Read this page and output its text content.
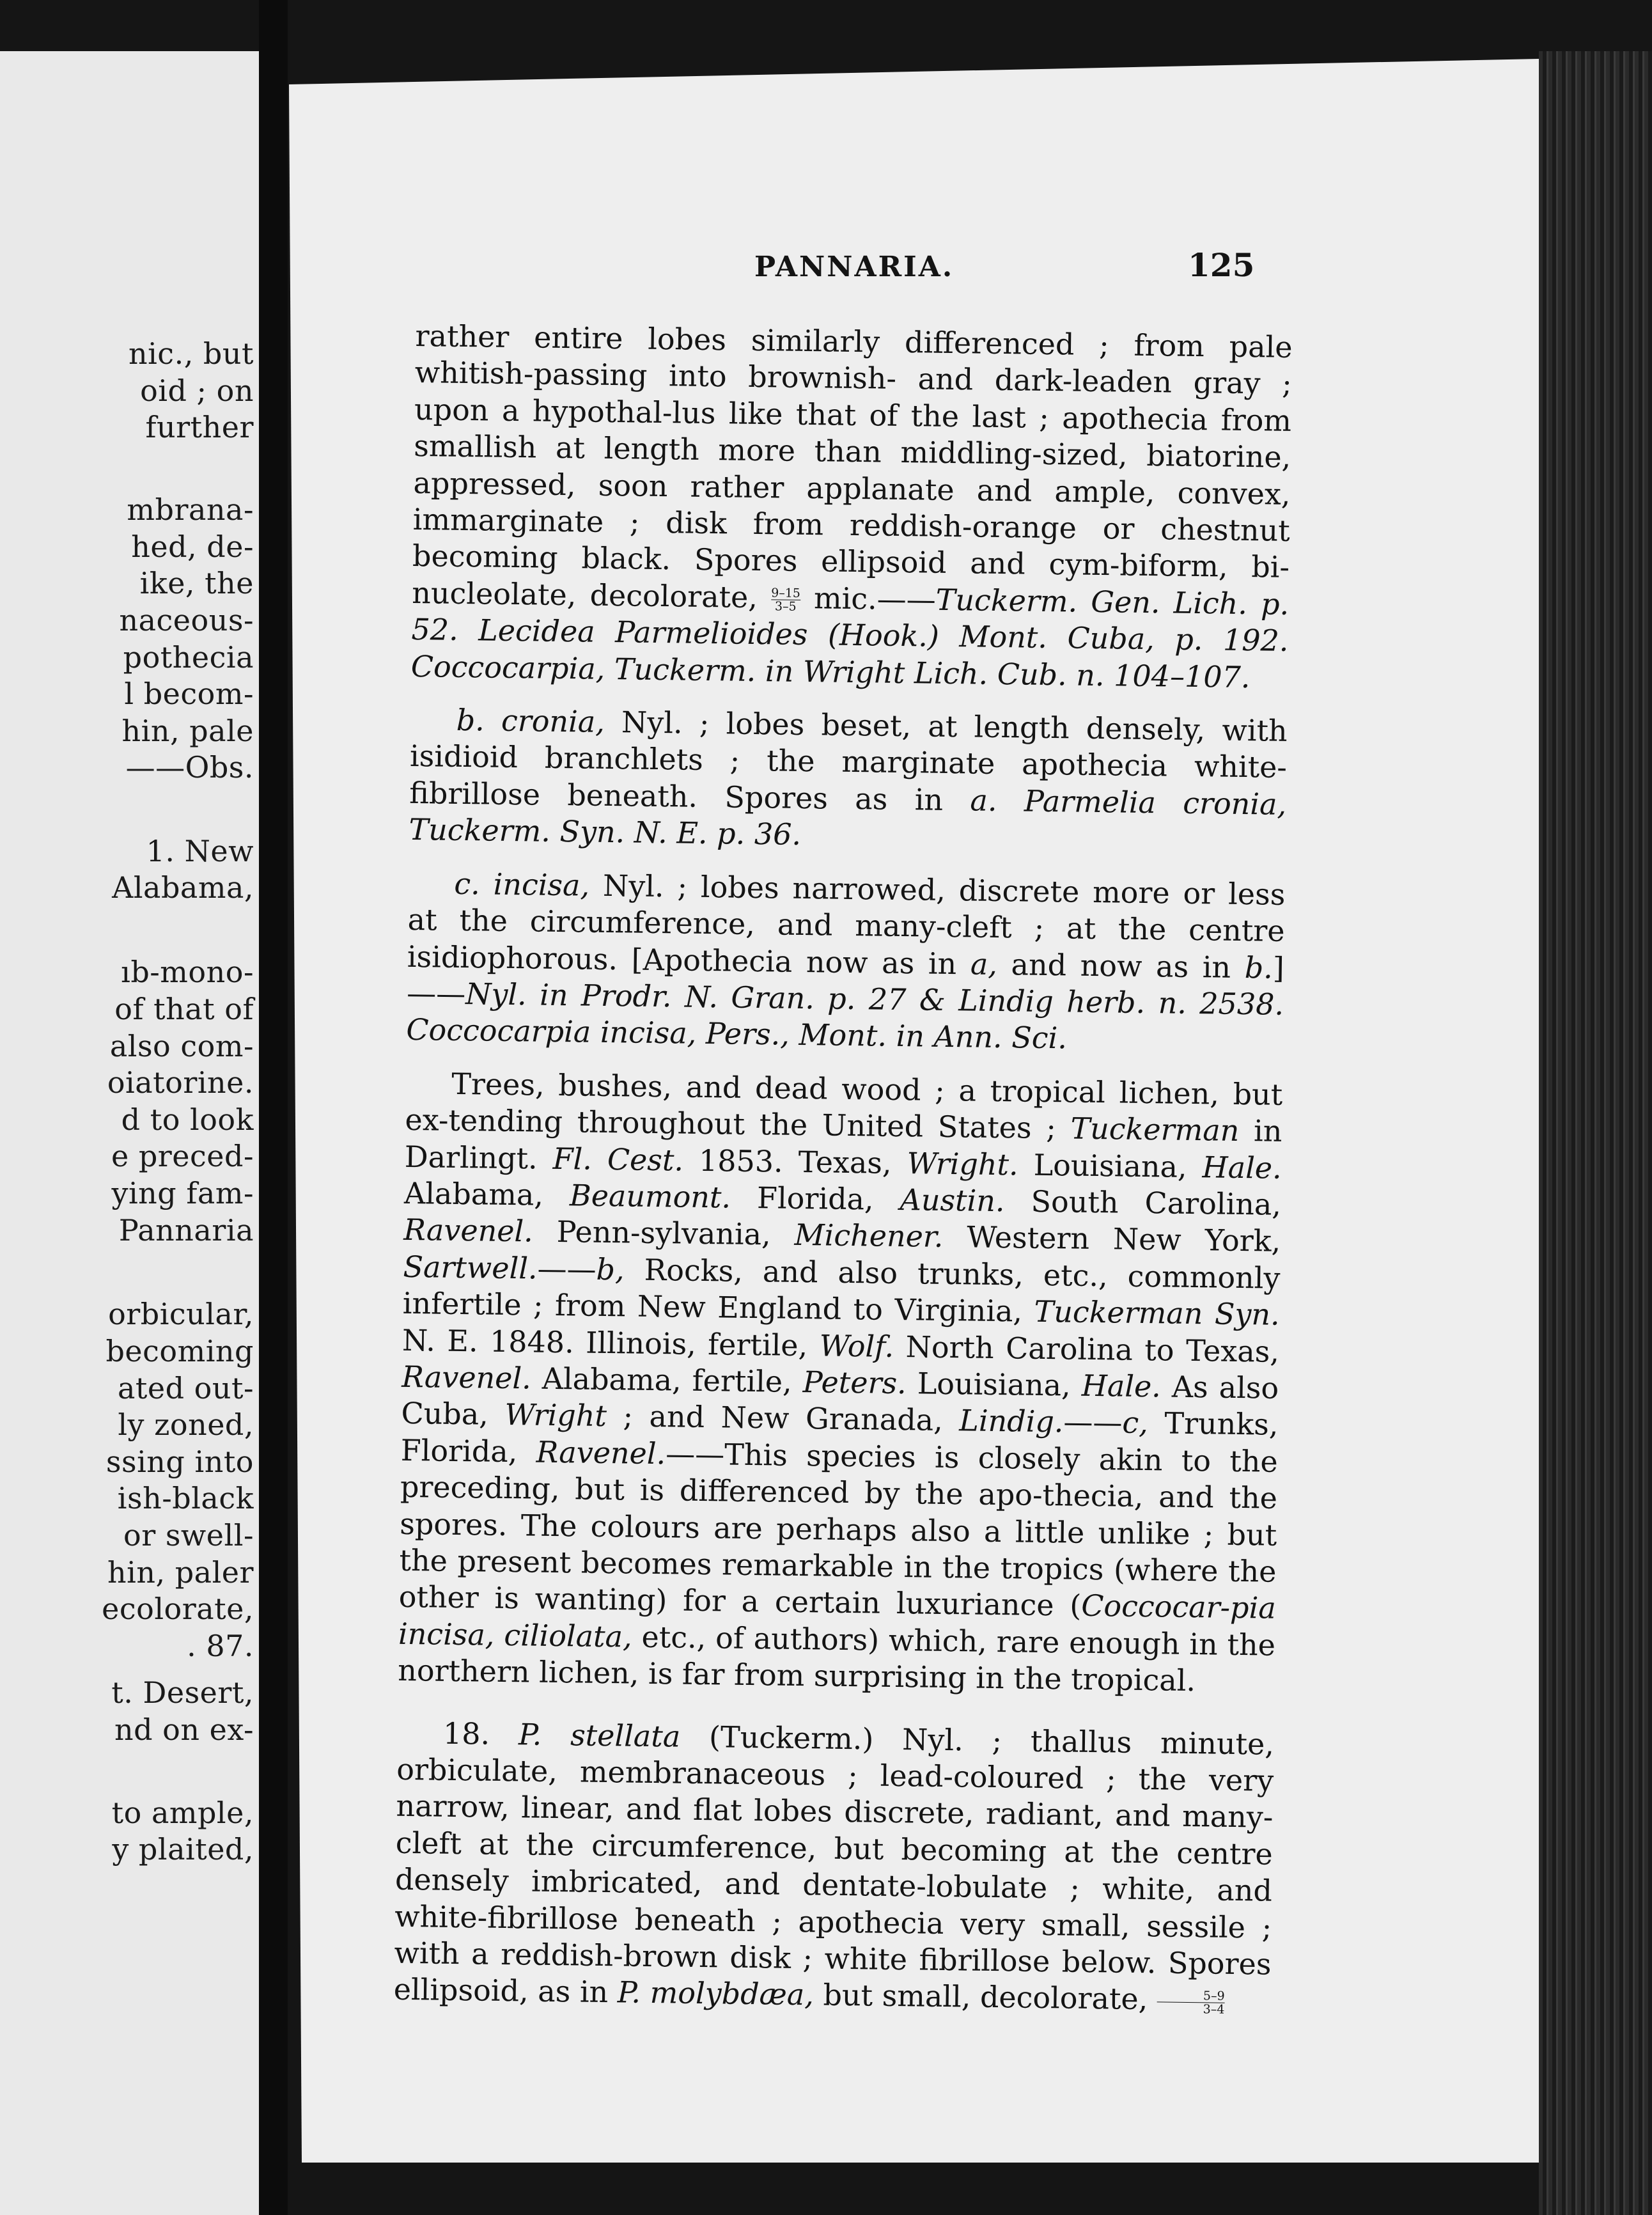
nic., but
oid ; on
further
mbrana-
hed, de-
ike, the
naceous-
pothecia
l becom-
hin, pale
——Obs.
1. New
Alabama,
ıb-mono-
of that of
also com-
oiatorine.
d to look
e preced-
ying fam-
Pannaria
orbicular,
becoming
ated out-
ly zoned,
ssing into
ish-black
or swell-
hin, paler
ecolorate,
. 87.
t. Desert,
nd on ex-
to ample,
y plaited,
PANNARIA.	125

rather entire lobes similarly differenced ; from pale whitish-passing into brownish- and dark-leaden gray ; upon a hypothal-lus like that of the last ; apothecia from smallish at length more than middling-sized, biatorine, appressed, soon rather applanate and ample, convex, immarginate ; disk from reddish-orange or chestnut becoming black. Spores ellipsoid and cym-biform, bi-nucleolate, decolorate, $\frac{9-15}{3-5}$ mic.——Tuckerm. Gen. Lich. p. 52. Lecidea Parmelioides (Hook.) Mont. Cuba, p. 192. Coccocarpia, Tuckerm. in Wright Lich. Cub. n. 104–107.

b. cronia, Nyl. ; lobes beset, at length densely, with isidioid branchlets ; the marginate apothecia white-fibrillose beneath. Spores as in a. Parmelia cronia, Tuckerm. Syn. N. E. p. 36.

c. incisa, Nyl. ; lobes narrowed, discrete more or less at the circumference, and many-cleft ; at the centre isidiophorous. [Apothecia now as in a, and now as in b.]——Nyl. in Prodr. N. Gran. p. 27 & Lindig herb. n. 2538. Coccocarpia incisa, Pers., Mont. in Ann. Sci.

Trees, bushes, and dead wood ; a tropical lichen, but ex-tending throughout the United States ; Tuckerman in Darlingt. Fl. Cest. 1853. Texas, Wright. Louisiana, Hale. Alabama, Beaumont. Florida, Austin. South Carolina, Ravenel. Penn-sylvania, Michener. Western New York, Sartwell.——b, Rocks, and also trunks, etc., commonly infertile ; from New England to Virginia, Tuckerman Syn. N. E. 1848. Illinois, fertile, Wolf. North Carolina to Texas, Ravenel. Alabama, fertile, Peters. Louisiana, Hale. As also Cuba, Wright ; and New Granada, Lindig.——c, Trunks, Florida, Ravenel.——This species is closely akin to the preceding, but is differenced by the apo-thecia, and the spores. The colours are perhaps also a little unlike ; but the present becomes remarkable in the tropics (where the other is wanting) for a certain luxuriance (Coccocar-pia incisa, ciliolata, etc., of authors) which, rare enough in the northern lichen, is far from surprising in the tropical.

18. P. stellata (Tuckerm.) Nyl. ; thallus minute, orbiculate, membranaceous ; lead-coloured ; the very narrow, linear, and flat lobes discrete, radiant, and many-cleft at the circumference, but becoming at the centre densely imbricated, and dentate-lobulate ; white, and white-fibrillose beneath ; apothecia very small, sessile ; with a reddish-brown disk ; white fibrillose below. Spores ellipsoid, as in P. molybdæa, but small, decolorate, $\frac{5-9}{3-4}$
